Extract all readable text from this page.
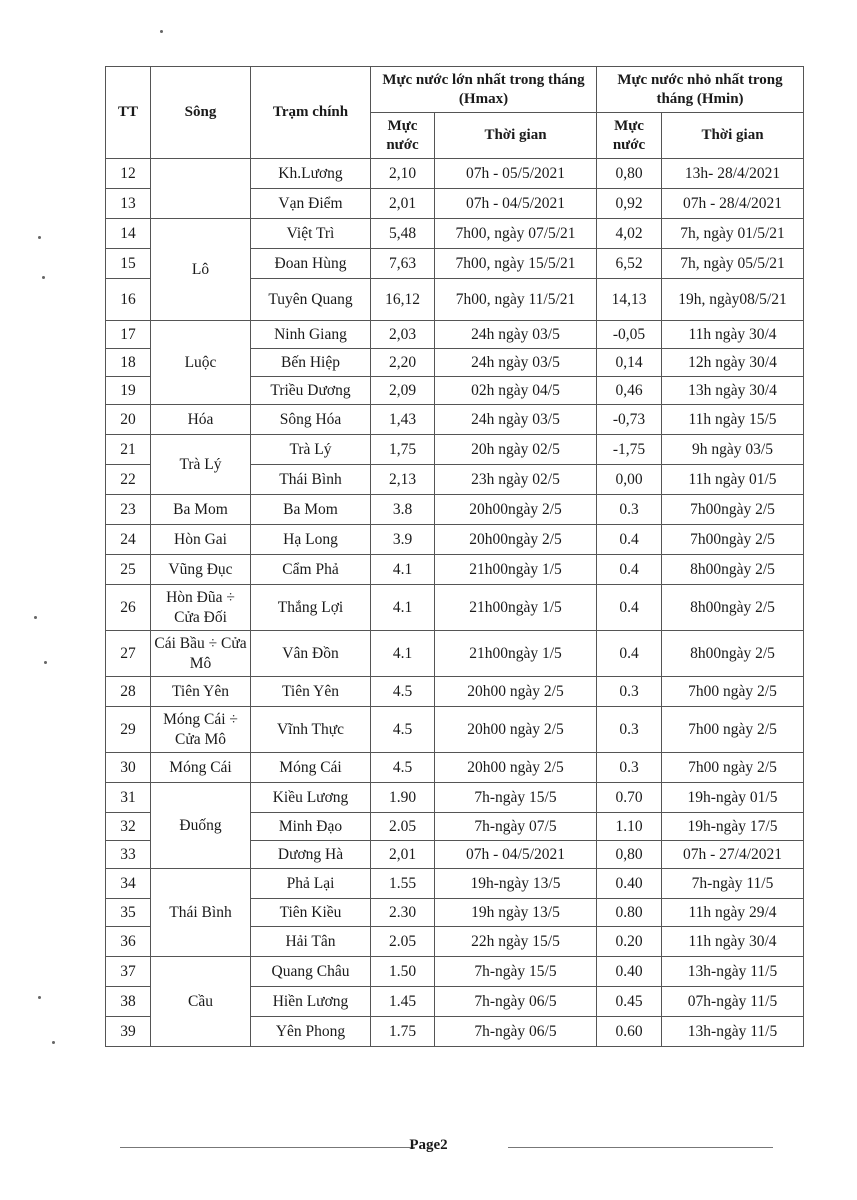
TT	Sông	Trạm chính	Mực nước lớn nhất trong tháng (Hmax)		Mực nước nhỏ nhất trong tháng (Hmin)	
			Mực nước	Thời gian	Mực nước	Thời gian
12		Kh.Lương	2,10	07h - 05/5/2021	0,80	13h- 28/4/2021
13		Vạn Điểm	2,01	07h - 04/5/2021	0,92	07h - 28/4/2021
14	Lô	Việt Trì	5,48	7h00, ngày 07/5/21	4,02	7h, ngày 01/5/21
15		Đoan Hùng	7,63	7h00, ngày 15/5/21	6,52	7h, ngày 05/5/21
16		Tuyên Quang	16,12	7h00, ngày 11/5/21	14,13	19h, ngày08/5/21
17	Luộc	Ninh Giang	2,03	24h ngày 03/5	-0,05	11h ngày 30/4
18		Bến Hiệp	2,20	24h ngày 03/5	0,14	12h ngày 30/4
19		Triều Dương	2,09	02h ngày 04/5	0,46	13h ngày 30/4
20	Hóa	Sông Hóa	1,43	24h ngày 03/5	-0,73	11h ngày 15/5
21	Trà Lý	Trà Lý	1,75	20h ngày 02/5	-1,75	9h ngày 03/5
22		Thái Bình	2,13	23h ngày 02/5	0,00	11h ngày 01/5
23	Ba Mom	Ba Mom	3.8	20h00ngày 2/5	0.3	7h00ngày 2/5
24	Hòn Gai	Hạ Long	3.9	20h00ngày 2/5	0.4	7h00ngày 2/5
25	Vũng Đục	Cẩm Phả	4.1	21h00ngày 1/5	0.4	8h00ngày 2/5
26	Hòn Đũa ÷ Cửa Đối	Thắng Lợi	4.1	21h00ngày 1/5	0.4	8h00ngày 2/5
27	Cái Bầu ÷ Cửa Mô	Vân Đồn	4.1	21h00ngày 1/5	0.4	8h00ngày 2/5
28	Tiên Yên	Tiên Yên	4.5	20h00 ngày 2/5	0.3	7h00 ngày 2/5
29	Móng Cái ÷ Cửa Mô	Vĩnh Thực	4.5	20h00 ngày 2/5	0.3	7h00 ngày 2/5
30	Móng Cái	Móng Cái	4.5	20h00 ngày 2/5	0.3	7h00 ngày 2/5
31	Đuống	Kiều Lương	1.90	7h-ngày 15/5	0.70	19h-ngày 01/5
32		Minh Đạo	2.05	7h-ngày 07/5	1.10	19h-ngày 17/5
33		Dương Hà	2,01	07h - 04/5/2021	0,80	07h - 27/4/2021
34	Thái Bình	Phả Lại	1.55	19h-ngày 13/5	0.40	7h-ngày 11/5
35		Tiên Kiều	2.30	19h ngày 13/5	0.80	11h ngày 29/4
36		Hải Tân	2.05	22h ngày 15/5	0.20	11h ngày 30/4
37	Cầu	Quang Châu	1.50	7h-ngày 15/5	0.40	13h-ngày 11/5
38		Hiền Lương	1.45	7h-ngày 06/5	0.45	07h-ngày 11/5
39		Yên Phong	1.75	7h-ngày 06/5	0.60	13h-ngày 11/5
Page2
